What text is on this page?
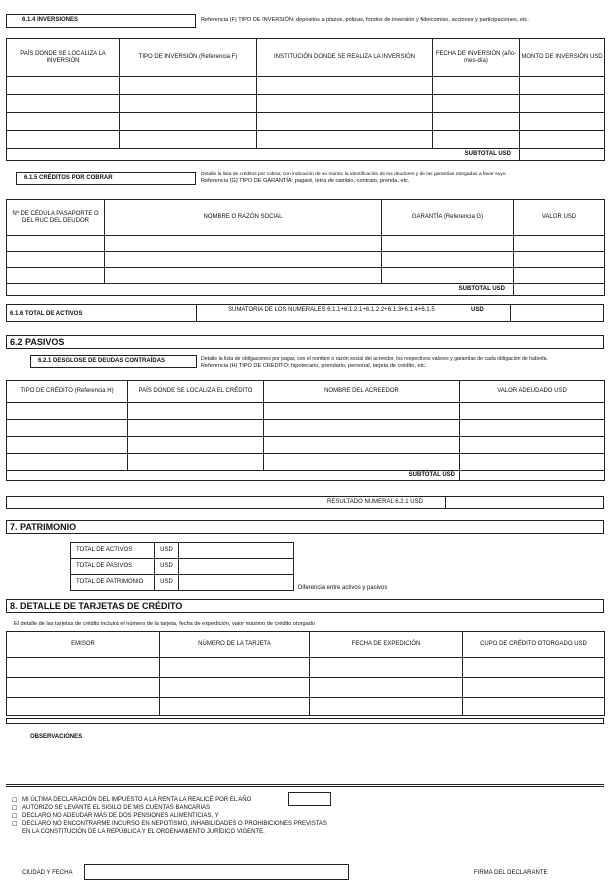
6.1.4 INVERSIONES	Referencia (F) TIPO DE INVERSIÓN: depósitos a plazos, pólizas, fondos de inversión y fideicomiso, acciones y participaciones, etc.
PAÍS DONDE SE LOCALIZA LA INVERSIÓN	TIPO DE INVERSIÓN (Referencia F)	INSTITUCIÓN DONDE SE REALIZA LA INVERSIÓN	FECHA DE INVERSIÓN (año-mes-día)	MONTO DE INVERSIÓN USD

SUBTOTAL USD				
6.1.5 CRÉDITOS POR COBRAR
Detalle la lista de créditos por cobrar, con indicación de su monto, la identificación de los deudores y de las garantías otorgadas a favor suyo.
Referencia (G) TIPO DE GARANTÍA: pagaré, letra de cambio, contrato, prenda, etc.
Nº DE CÉDULA PASAPORTE O DEL RUC DEL DEUDOR	NOMBRE O RAZÓN SOCIAL	GARANTÍA (Referencia G)	VALOR USD

SUBTOTAL USD			
6.1.6 TOTAL DE ACTIVOS
SUMATORIA DE LOS NUMERALES 6.1.1+6.1.2.1+6.1.2.2+6.1.3+6.1.4+6.1.5	USD
6.2 PASIVOS
6.2.1 DESGLOSE DE DEUDAS CONTRAÍDAS	Detalle la lista de obligaciones por pagar, con el nombre o razón social del acreedor, los respectivos valores y garantías de cada obligación de haberla.
Referencia (H) TIPO DE CRÉDITO: hipotecario, prendario, personal, tarjeta de crédito, etc.
TIPO DE CRÉDITO (Referencia H)	PAÍS DONDE SE LOCALIZA EL CRÉDITO	NOMBRE DEL ACREEDOR	VALOR ADEUDADO USD

SUBTOTAL USD			
RESULTADO NUMERAL 6.2.1 USD
7. PATRIMONIO
TOTAL DE ACTIVOS	USD	
TOTAL DE PASIVOS	USD	
TOTAL DE PATRIMONIO	USD	
Diferencia entre activos y pasivos
8. DETALLE DE TARJETAS DE CRÉDITO
El detalle de las tarjetas de crédito incluirá el número de la tarjeta, fecha de expedición, valor máximo de crédito otorgado
EMISOR	NÚMERO DE LA TARJETA	FECHA DE EXPEDICIÓN	CUPO DE CRÉDITO OTORGADO USD

OBSERVACIONES
☐ MI ÚLTIMA DECLARACIÓN DEL IMPUESTO A LA RENTA LA REALICÉ POR EL AÑO
☐ AUTORIZO SE LEVANTE EL SIGILO DE MIS CUENTAS BANCARIAS
☐ DECLARO NO ADEUDAR MÁS DE DOS PENSIONES ALIMENTICIAS, Y
☐ DECLARO NO ENCONTRARME INCURSO EN NEPOTISMO, INHABILIDADES O PROHIBICIONES PREVISTAS
EN LA CONSTITUCIÓN DE LA REPÚBLICA Y EL ORDENAMIENTO JURÍDICO VIGENTE.
CIUDAD Y FECHA	FIRMA DEL DECLARANTE
